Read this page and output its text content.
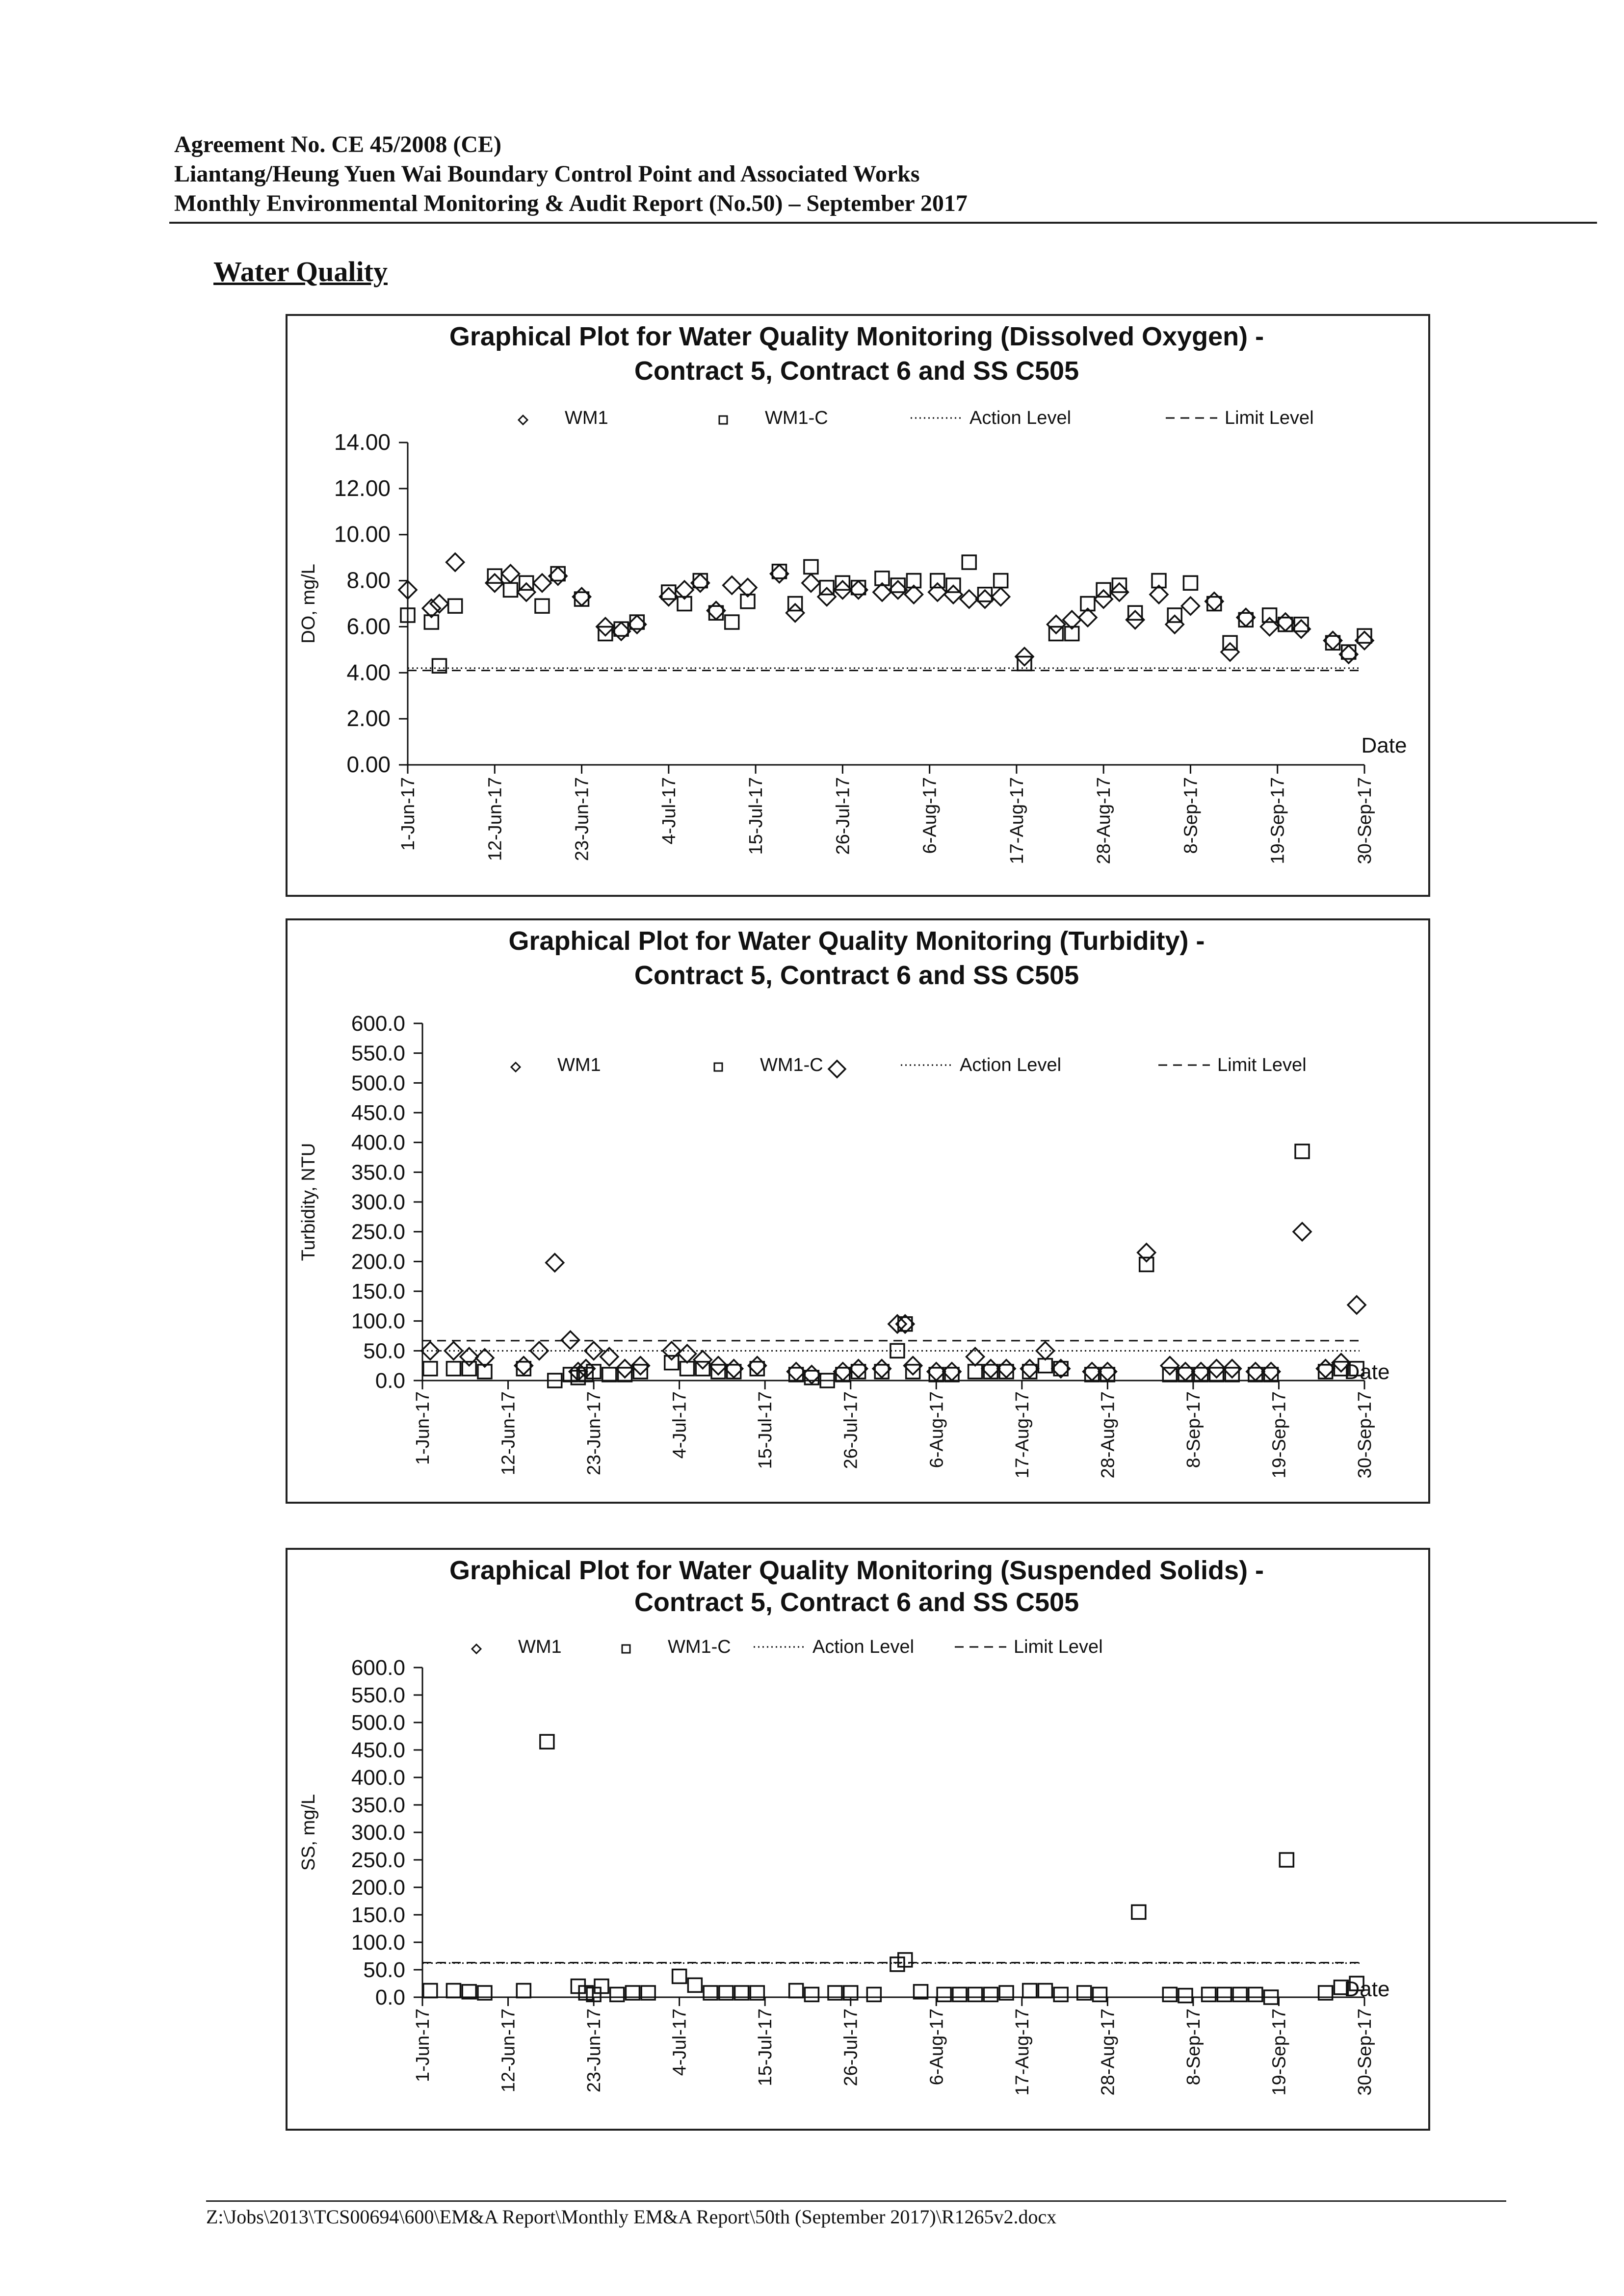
Agreement No. CE 45/2008 (CE)
Liantang/Heung Yuen Wai Boundary Control Point and Associated Works
Monthly Environmental Monitoring & Audit Report (No.50) – September 2017
Water Quality
Graphical Plot for Water Quality Monitoring (Dissolved Oxygen) -
Contract 5, Contract 6 and SS C505
WM1	WM1-C	Action Level	Limit Level
0.00
2.00
4.00
6.00
8.00
10.00
12.00
14.00
DO, mg/L
1-Jun-17	12-Jun-17	23-Jun-17	4-Jul-17	15-Jul-17	26-Jul-17	6-Aug-17	17-Aug-17	28-Aug-17	8-Sep-17	19-Sep-17	30-Sep-17
Date
Graphical Plot for Water Quality Monitoring (Turbidity) -
Contract 5, Contract 6 and SS C505
WM1	WM1-C	Action Level	Limit Level
0.0
50.0
100.0
150.0
200.0
250.0
300.0
350.0
400.0
450.0
500.0
550.0
600.0
Turbidity, NTU
1-Jun-17	12-Jun-17	23-Jun-17	4-Jul-17	15-Jul-17	26-Jul-17	6-Aug-17	17-Aug-17	28-Aug-17	8-Sep-17	19-Sep-17	30-Sep-17
Date
Graphical Plot for Water Quality Monitoring (Suspended Solids) -
Contract 5, Contract 6 and SS C505
WM1	WM1-C	Action Level	Limit Level
0.0
50.0
100.0
150.0
200.0
250.0
300.0
350.0
400.0
450.0
500.0
550.0
600.0
SS, mg/L
1-Jun-17	12-Jun-17	23-Jun-17	4-Jul-17	15-Jul-17	26-Jul-17	6-Aug-17	17-Aug-17	28-Aug-17	8-Sep-17	19-Sep-17	30-Sep-17
Date
Z:\Jobs\2013\TCS00694\600\EM&A Report\Monthly EM&A Report\50th (September 2017)\R1265v2.docx
